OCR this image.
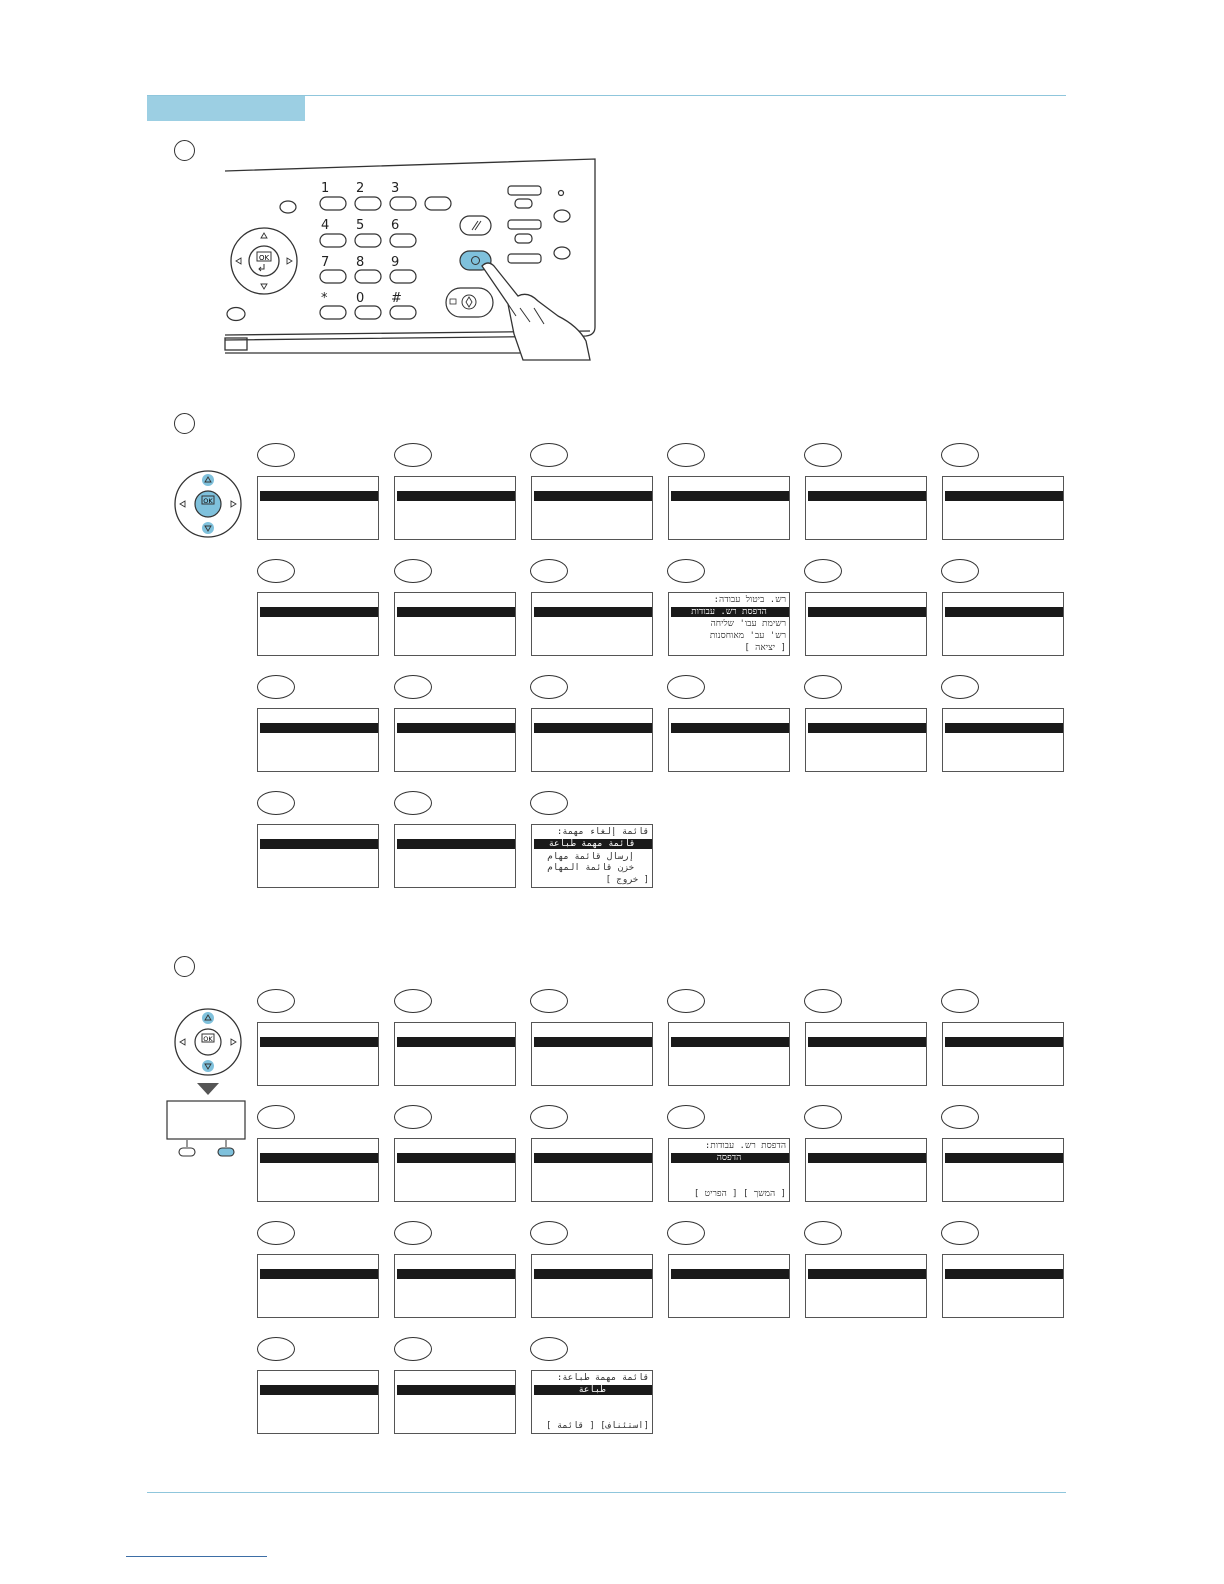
OK
1 2 3
4 5 6
7 8 9
* 0 #
OK
רש. ביטול עבודה:
הדפסת רש. עבודות
רשימת עבו' שליחה
רש' עב' מאוחסנות
[ יציאה ]
قائمة إلغاء مهمة:
قائمة مهمة طباعة
إرسال قائمة مهام
خزن قائمة المهام
[ خروج ]
OK
הדפסת רש. עבודות:
הדפסה
[ המשך ] [ הפריט ]
قائمة مهمة طباعة:
طباعة
[استئناف] [ قائمة ]
